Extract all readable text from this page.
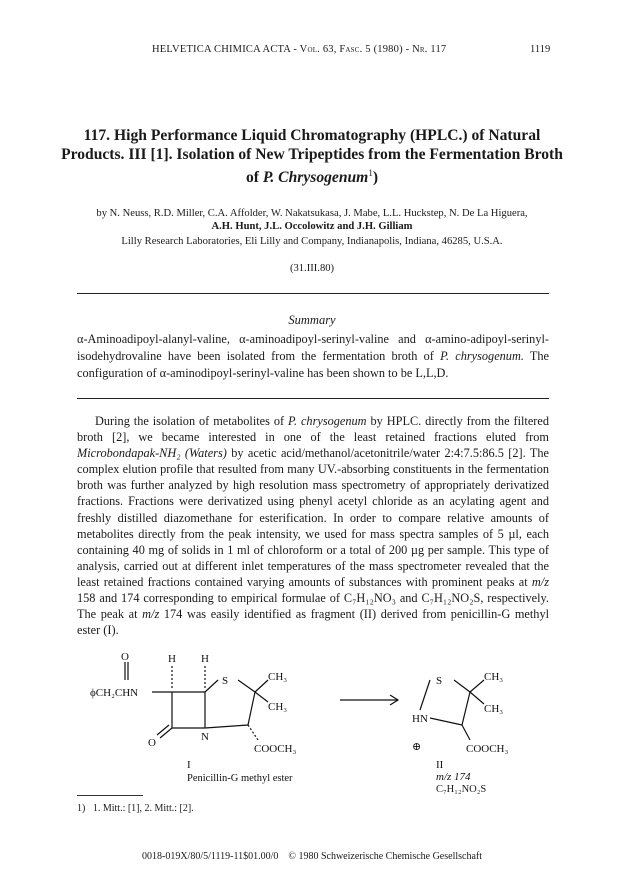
HELVETICA CHIMICA ACTA - Vol. 63, Fasc. 5 (1980) - Nr. 117	1119
117. High Performance Liquid Chromatography (HPLC.) of Natural
Products. III [1]. Isolation of New Tripeptides from the Fermentation Broth
of P. Chrysogenum$^1$)
by N. Neuss, R.D. Miller, C.A. Affolder, W. Nakatsukasa, J. Mabe, L.L. Huckstep, N. De La Higuera,
A.H. Hunt, J.L. Occolowitz and J.H. Gilliam
Lilly Research Laboratories, Eli Lilly and Company, Indianapolis, Indiana, 46285, U.S.A.
(31.III.80)
Summary
α-Aminoadipoyl-alanyl-valine, α-aminoadipoyl-serinyl-valine and α-amino-adipoyl-serinyl-isodehydrovaline have been isolated from the fermentation broth of P. chrysogenum. The configuration of α-aminodipoyl-serinyl-valine has been shown to be L,L,D.

During the isolation of metabolites of P. chrysogenum by HPLC. directly from the filtered broth [2], we became interested in one of the least retained fractions eluted from Microbondapak-NH₂ (Waters) by acetic acid/methanol/acetonitrile/water 2:4:7.5:86.5 [2]. The complex elution profile that resulted from many UV.-absorbing constituents in the fermentation broth was further analyzed by high resolution mass spectrometry of appropriately derivatized fractions. Fractions were derivatized using phenyl acetyl chloride as an acylating agent and freshly distilled diazomethane for esterification. In order to compare relative amounts of metabolites directly from the peak intensity, we used for mass spectra samples of 5 µl, each containing 40 mg of solids in 1 ml of chloroform or a total of 200 µg per sample. This type of analysis, carried out at different inlet temperatures of the mass spectrometer revealed that the least retained fractions contained varying amounts of substances with prominent peaks at m/z 158 and 174 corresponding to empirical formulae of C₇H₁₂NO₃ and C₇H₁₂NO₂S, respectively. The peak at m/z 174 was easily identified as fragment (II) derived from penicillin-G methyl ester (I).

O	H H
ϕCH₂CHN
S	CH₃
CH₃
N
O	COOCH₃
I
Penicillin-G methyl ester
S	CH₃
CH₃
HN
⊕	COOCH₃
II
m/z 174
C₇H₁₂NO₂S
1) 1. Mitt.: [1], 2. Mitt.: [2].
0018-019X/80/5/1119-11$01.00/0    © 1980 Schweizerische Chemische Gesellschaft
